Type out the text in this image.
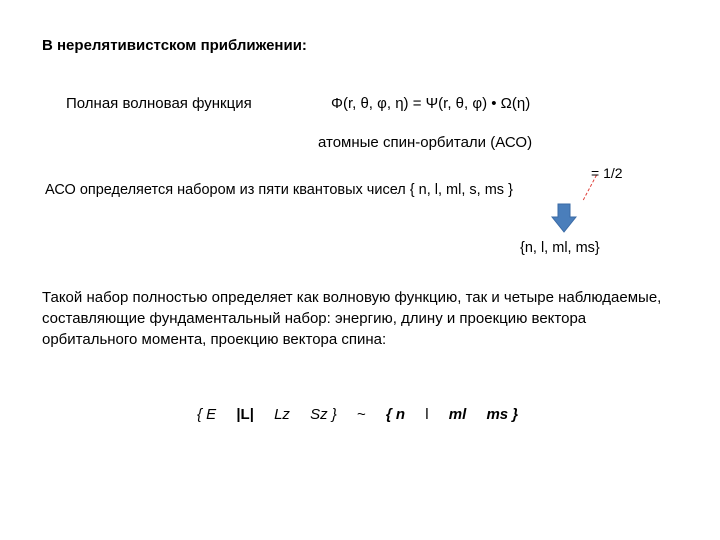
В нерелятивистском приближении:
Полная волновая функция	Φ(r, θ, φ, η) = Ψ(r, θ, φ) • Ω(η)
атомные спин-орбитали (АСО)
= 1/2
АСО определяется набором из пяти квантовых чисел { n, l, ml, s, ms }
{n, l, ml, ms}
Такой набор полностью определяет как волновую функцию, так и четыре наблюдаемые, составляющие фундаментальный набор: энергию, длину и проекцию вектора орбитального момента, проекцию вектора спина:
{ E |L| Lz Sz } ~ { n l ml ms }
